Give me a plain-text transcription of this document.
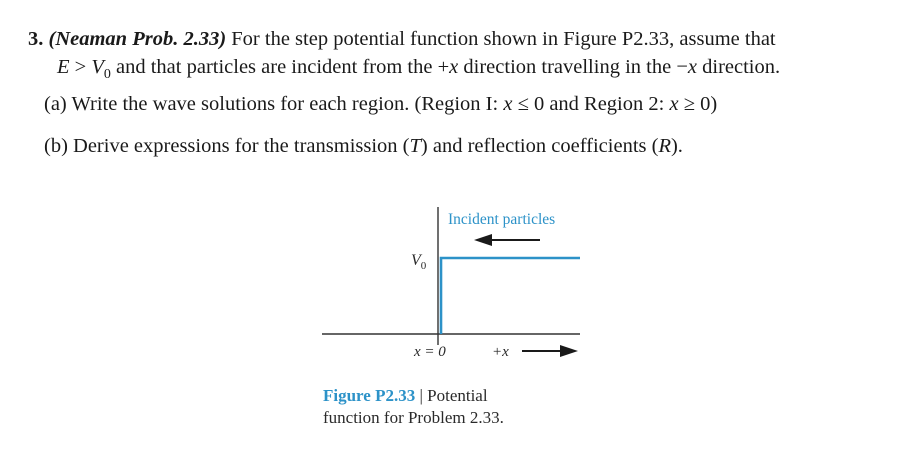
3. (Neaman Prob. 2.33) For the step potential function shown in Figure P2.33, assume that
$E > V_0$ and that particles are incident from the +x direction travelling in the −x direction.
(a) Write the wave solutions for each region. (Region I: x ≤ 0 and Region 2: x ≥ 0)
(b) Derive expressions for the transmission (T) and reflection coefficients (R).
Incident particles
$V_0$
x = 0	+x
Figure P2.33 | Potential
function for Problem 2.33.
